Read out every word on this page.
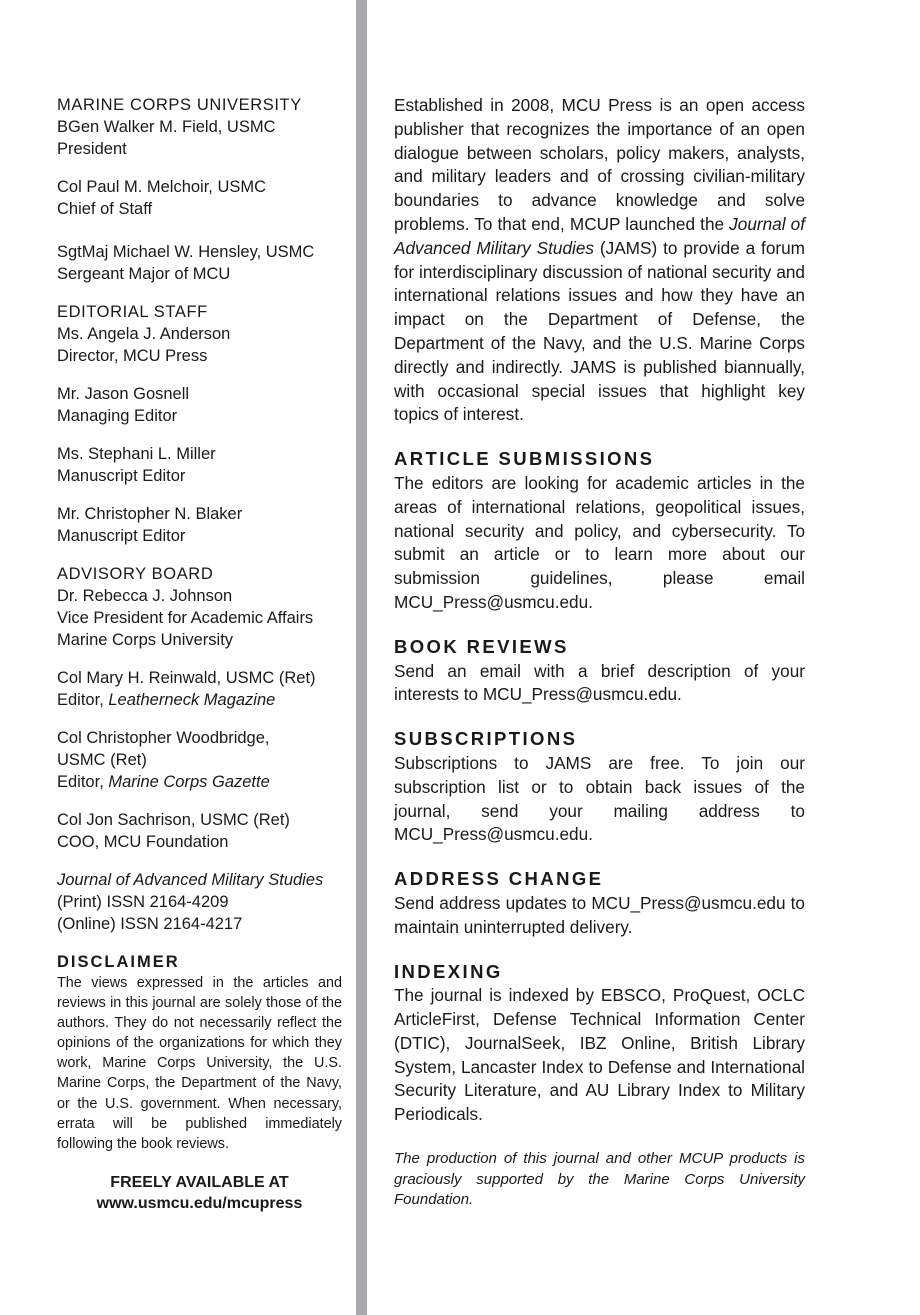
MARINE CORPS UNIVERSITY
BGen Walker M. Field, USMC
President
Col Paul M. Melchoir, USMC
Chief of Staff
SgtMaj Michael W. Hensley, USMC
Sergeant Major of MCU
EDITORIAL STAFF
Ms. Angela J. Anderson
Director, MCU Press
Mr. Jason Gosnell
Managing Editor
Ms. Stephani L. Miller
Manuscript Editor
Mr. Christopher N. Blaker
Manuscript Editor
ADVISORY BOARD
Dr. Rebecca J. Johnson
Vice President for Academic Affairs
Marine Corps University
Col Mary H. Reinwald, USMC (Ret)
Editor, Leatherneck Magazine
Col Christopher Woodbridge,
USMC (Ret)
Editor, Marine Corps Gazette
Col Jon Sachrison, USMC (Ret)
COO, MCU Foundation
Journal of Advanced Military Studies
(Print) ISSN 2164-4209
(Online) ISSN 2164-4217
DISCLAIMER
The views expressed in the articles and reviews in this journal are solely those of the authors. They do not necessarily reflect the opinions of the organizations for which they work, Marine Corps University, the U.S. Marine Corps, the Department of the Navy, or the U.S. government. When necessary, errata will be published immediately following the book reviews.
FREELY AVAILABLE AT
www.usmcu.edu/mcupress
Established in 2008, MCU Press is an open access publisher that recognizes the importance of an open dialogue between scholars, policy makers, analysts, and military leaders and of crossing civilian-military boundaries to advance knowledge and solve problems. To that end, MCUP launched the Journal of Advanced Military Studies (JAMS) to provide a forum for interdisciplinary discussion of national security and international relations issues and how they have an impact on the Department of Defense, the Department of the Navy, and the U.S. Marine Corps directly and indirectly. JAMS is published biannually, with occasional special issues that highlight key topics of interest.
ARTICLE SUBMISSIONS
The editors are looking for academic articles in the areas of international relations, geopolitical issues, national security and policy, and cybersecurity. To submit an article or to learn more about our submission guidelines, please email MCU_Press@usmcu.edu.
BOOK REVIEWS
Send an email with a brief description of your interests to MCU_Press@usmcu.edu.
SUBSCRIPTIONS
Subscriptions to JAMS are free. To join our subscription list or to obtain back issues of the journal, send your mailing address to MCU_Press@usmcu.edu.
ADDRESS CHANGE
Send address updates to MCU_Press@usmcu.edu to maintain uninterrupted delivery.
INDEXING
The journal is indexed by EBSCO, ProQuest, OCLC ArticleFirst, Defense Technical Information Center (DTIC), JournalSeek, IBZ Online, British Library System, Lancaster Index to Defense and International Security Literature, and AU Library Index to Military Periodicals.
The production of this journal and other MCUP products is graciously supported by the Marine Corps University Foundation.
